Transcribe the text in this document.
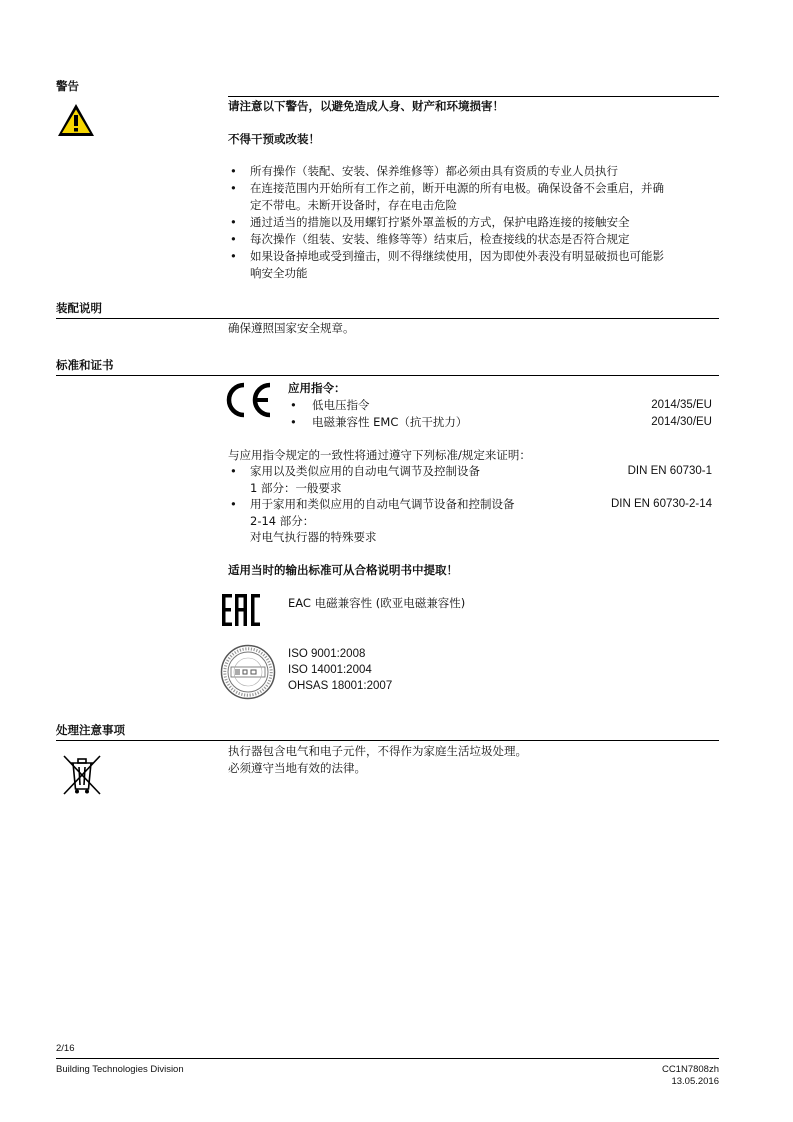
警告
请注意以下警告，以避免造成人身、财产和环境损害！
不得干预或改装！
• 所有操作（装配、安装、保养维修等）都必须由具有资质的专业人员执行
• 在连接范围内开始所有工作之前，断开电源的所有电极。确保设备不会重启，并确
定不带电。未断开设备时，存在电击危险
• 通过适当的措施以及用螺钉拧紧外罩盖板的方式，保护电路连接的接触安全
• 每次操作（组装、安装、维修等等）结束后，检查接线的状态是否符合规定
• 如果设备掉地或受到撞击，则不得继续使用，因为即使外表没有明显破损也可能影
响安全功能
装配说明
确保遵照国家安全规章。
标准和证书
应用指令：
• 低电压指令	2014/35/EU
• 电磁兼容性 EMC（抗干扰力）	2014/30/EU
与应用指令规定的一致性将通过遵守下列标准/规定来证明：
• 家用以及类似应用的自动电气调节及控制设备	DIN EN 60730-1
1 部分：一般要求
• 用于家用和类似应用的自动电气调节设备和控制设备	DIN EN 60730-2-14
2-14 部分：
对电气执行器的特殊要求
适用当时的输出标准可从合格说明书中提取！
EAC 电磁兼容性 (欧亚电磁兼容性)
ISO 9001:2008
ISO 14001:2004
OHSAS 18001:2007
处理注意事项
执行器包含电气和电子元件，不得作为家庭生活垃圾处理。
必须遵守当地有效的法律。
2/16
Building Technologies Division	CC1N7808zh
13.05.2016
